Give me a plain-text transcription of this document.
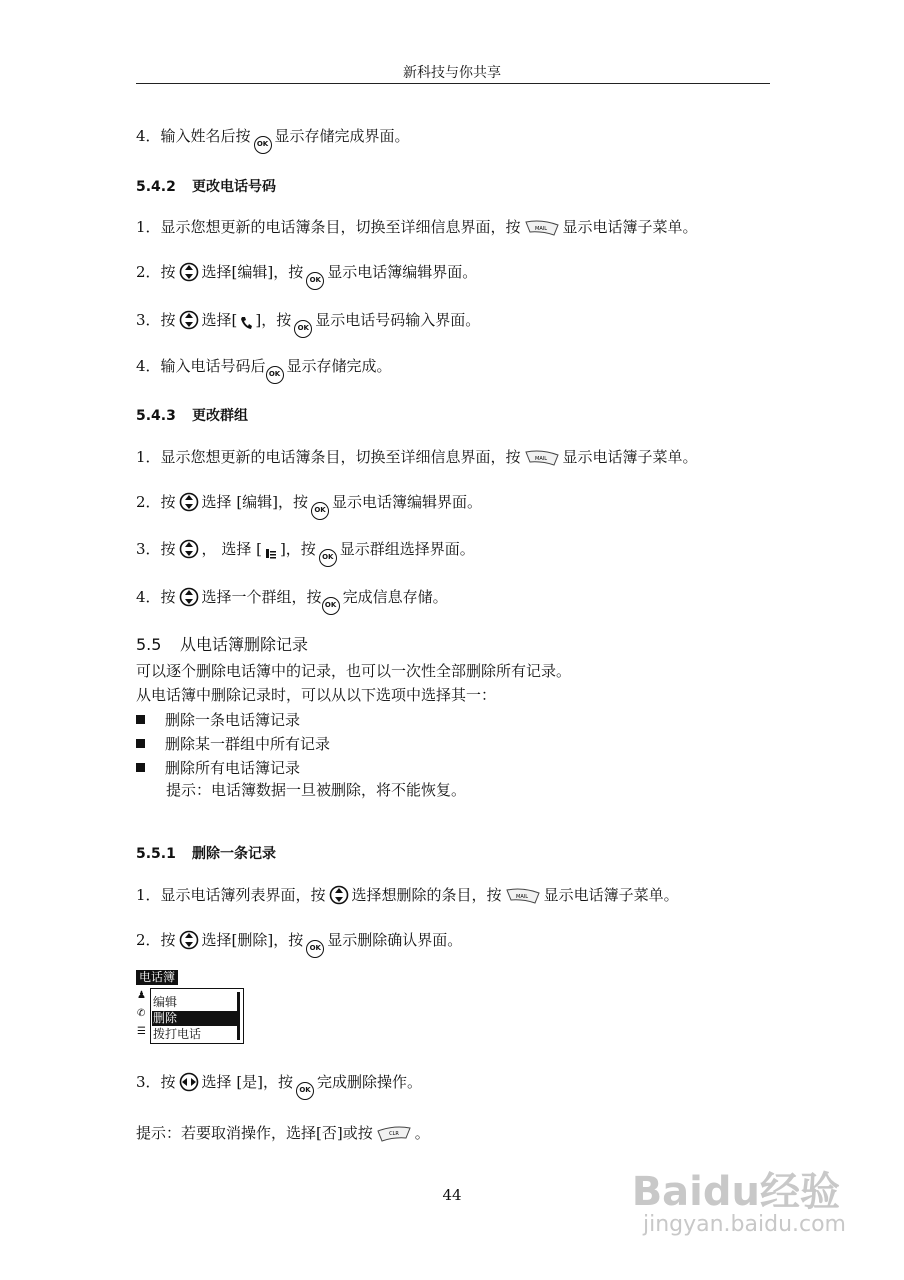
新科技与你共享
4．输入姓名后按 OK 显示存储完成界面。
5.4.2 更改电话号码
1．显示您想更新的电话簿条目，切换至详细信息界面，按	MAIL 显示电话簿子菜单。
2．按 选择[编辑]，按 OK 显示电话簿编辑界面。
3．按 选择[ ]，按 OK 显示电话号码输入界面。
4．输入电话号码后 OK 显示存储完成。
5.4.3 更改群组
1．显示您想更新的电话簿条目，切换至详细信息界面，按	MAIL 显示电话簿子菜单。
2．按 选择 [编辑]，按 OK 显示电话簿编辑界面。
3．按 ， 选择 [ ]，按 OK 显示群组选择界面。
4．按 选择一个群组，按 OK 完成信息存储。
5.5 从电话簿删除记录
可以逐个删除电话簿中的记录，也可以一次性全部删除所有记录。
从电话簿中删除记录时，可以从以下选项中选择其一：
删除一条电话簿记录
删除某一群组中所有记录
删除所有电话簿记录
提示：电话簿数据一旦被删除，将不能恢复。
5.5.1 删除一条记录
1．显示电话簿列表界面，按 选择想删除的条目，按	MAIL 显示电话簿子菜单。
2．按 选择[删除]，按 OK 显示删除确认界面。
电话簿
♟
✆
☰
编辑
删除
拨打电话
3．按 选择 [是]，按 OK 完成删除操作。
提示：若要取消操作，选择[否]或按	CLR 。
44	Baidu经验
jingyan.baidu.com
